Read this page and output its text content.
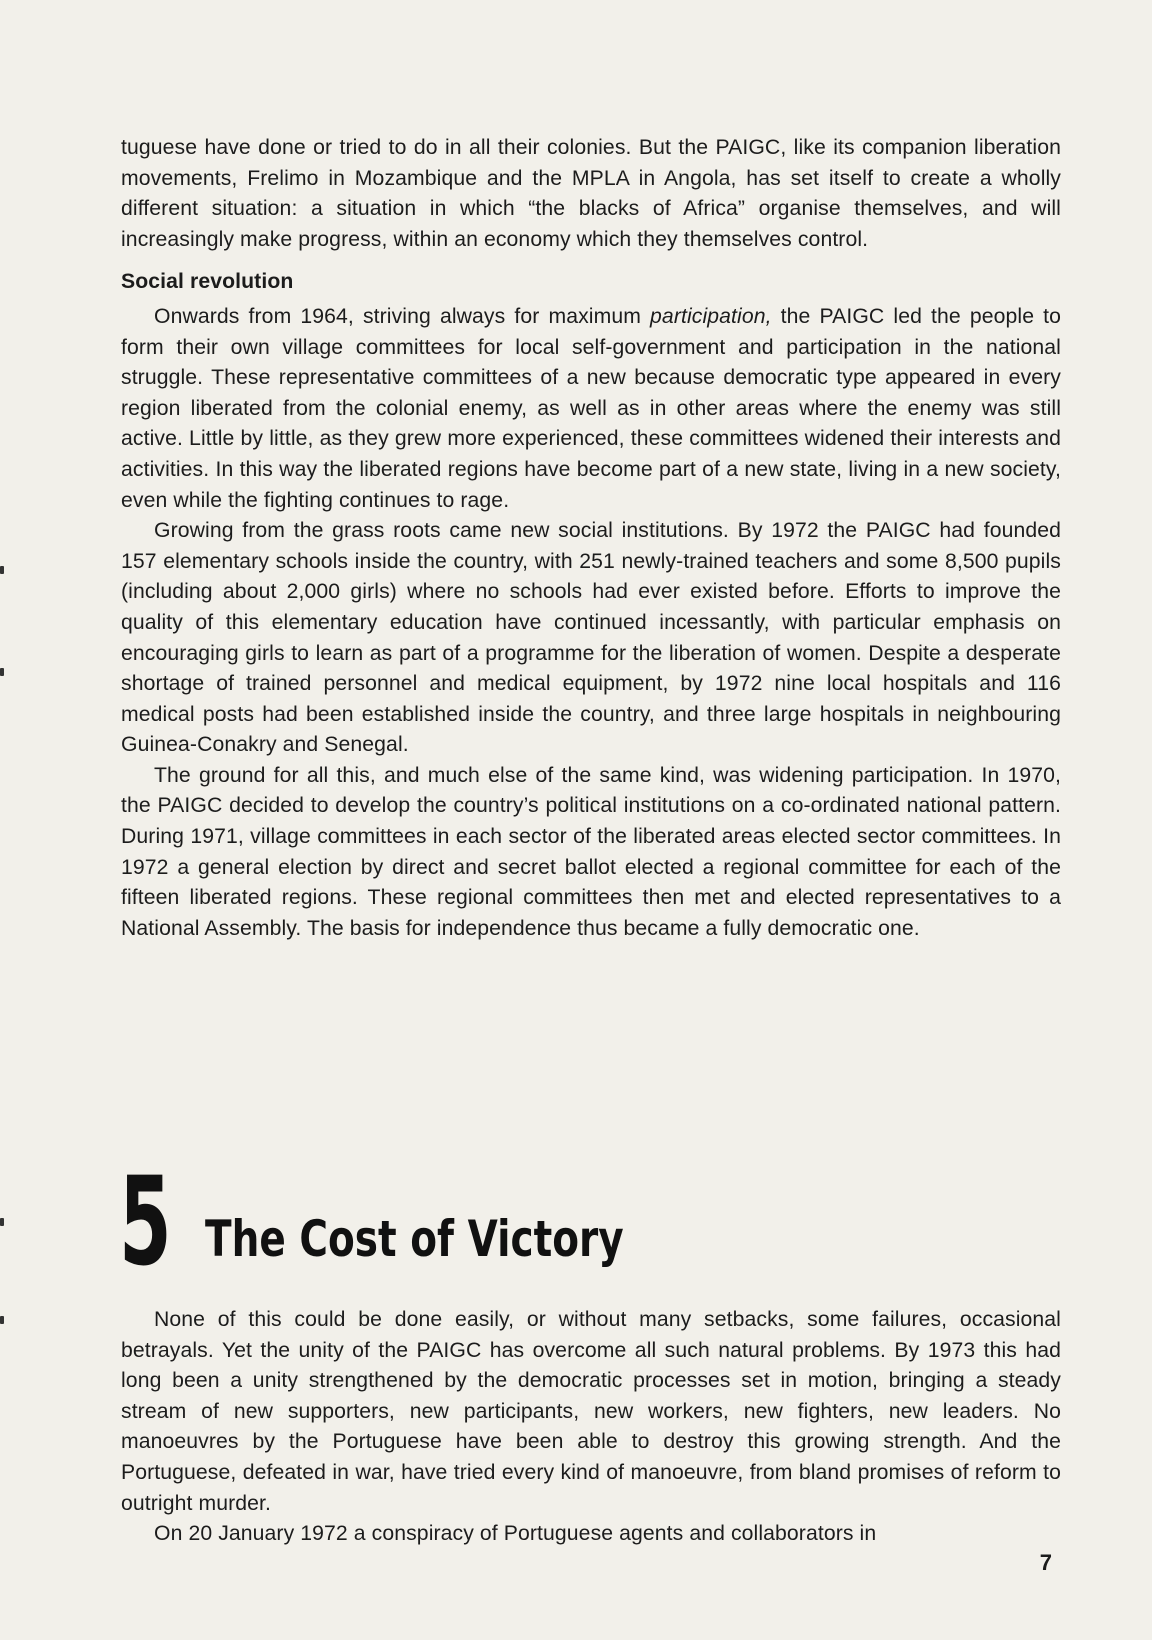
tuguese have done or tried to do in all their colonies. But the PAIGC, like its companion liberation movements, Frelimo in Mozambique and the MPLA in Angola, has set itself to create a wholly different situation: a situation in which “the blacks of Africa” organise themselves, and will increasingly make progress, within an economy which they themselves control.

Social revolution

Onwards from 1964, striving always for maximum participation, the PAIGC led the people to form their own village committees for local self-government and participation in the national struggle. These representative committees of a new because democratic type appeared in every region liberated from the colonial enemy, as well as in other areas where the enemy was still active. Little by little, as they grew more experienced, these committees widened their interests and activities. In this way the liberated regions have become part of a new state, living in a new society, even while the fighting continues to rage.

Growing from the grass roots came new social institutions. By 1972 the PAIGC had founded 157 elementary schools inside the country, with 251 newly-trained teachers and some 8,500 pupils (including about 2,000 girls) where no schools had ever existed before. Efforts to improve the quality of this elementary education have continued incessantly, with particular emphasis on encouraging girls to learn as part of a programme for the liberation of women. Despite a desperate shortage of trained personnel and medical equipment, by 1972 nine local hospitals and 116 medical posts had been established inside the country, and three large hospitals in neighbouring Guinea-Conakry and Senegal.

The ground for all this, and much else of the same kind, was widening participation. In 1970, the PAIGC decided to develop the country’s political institutions on a co-ordinated national pattern. During 1971, village committees in each sector of the liberated areas elected sector committees. In 1972 a general election by direct and secret ballot elected a regional committee for each of the fifteen liberated regions. These regional committees then met and elected representatives to a National Assembly. The basis for independence thus became a fully democratic one.

5 The Cost of Victory

None of this could be done easily, or without many setbacks, some failures, occasional betrayals. Yet the unity of the PAIGC has overcome all such natural problems. By 1973 this had long been a unity strengthened by the democratic processes set in motion, bringing a steady stream of new supporters, new participants, new workers, new fighters, new leaders. No manoeuvres by the Portuguese have been able to destroy this growing strength. And the Portuguese, defeated in war, have tried every kind of manoeuvre, from bland promises of reform to outright murder.

On 20 January 1972 a conspiracy of Portuguese agents and collaborators in

7
